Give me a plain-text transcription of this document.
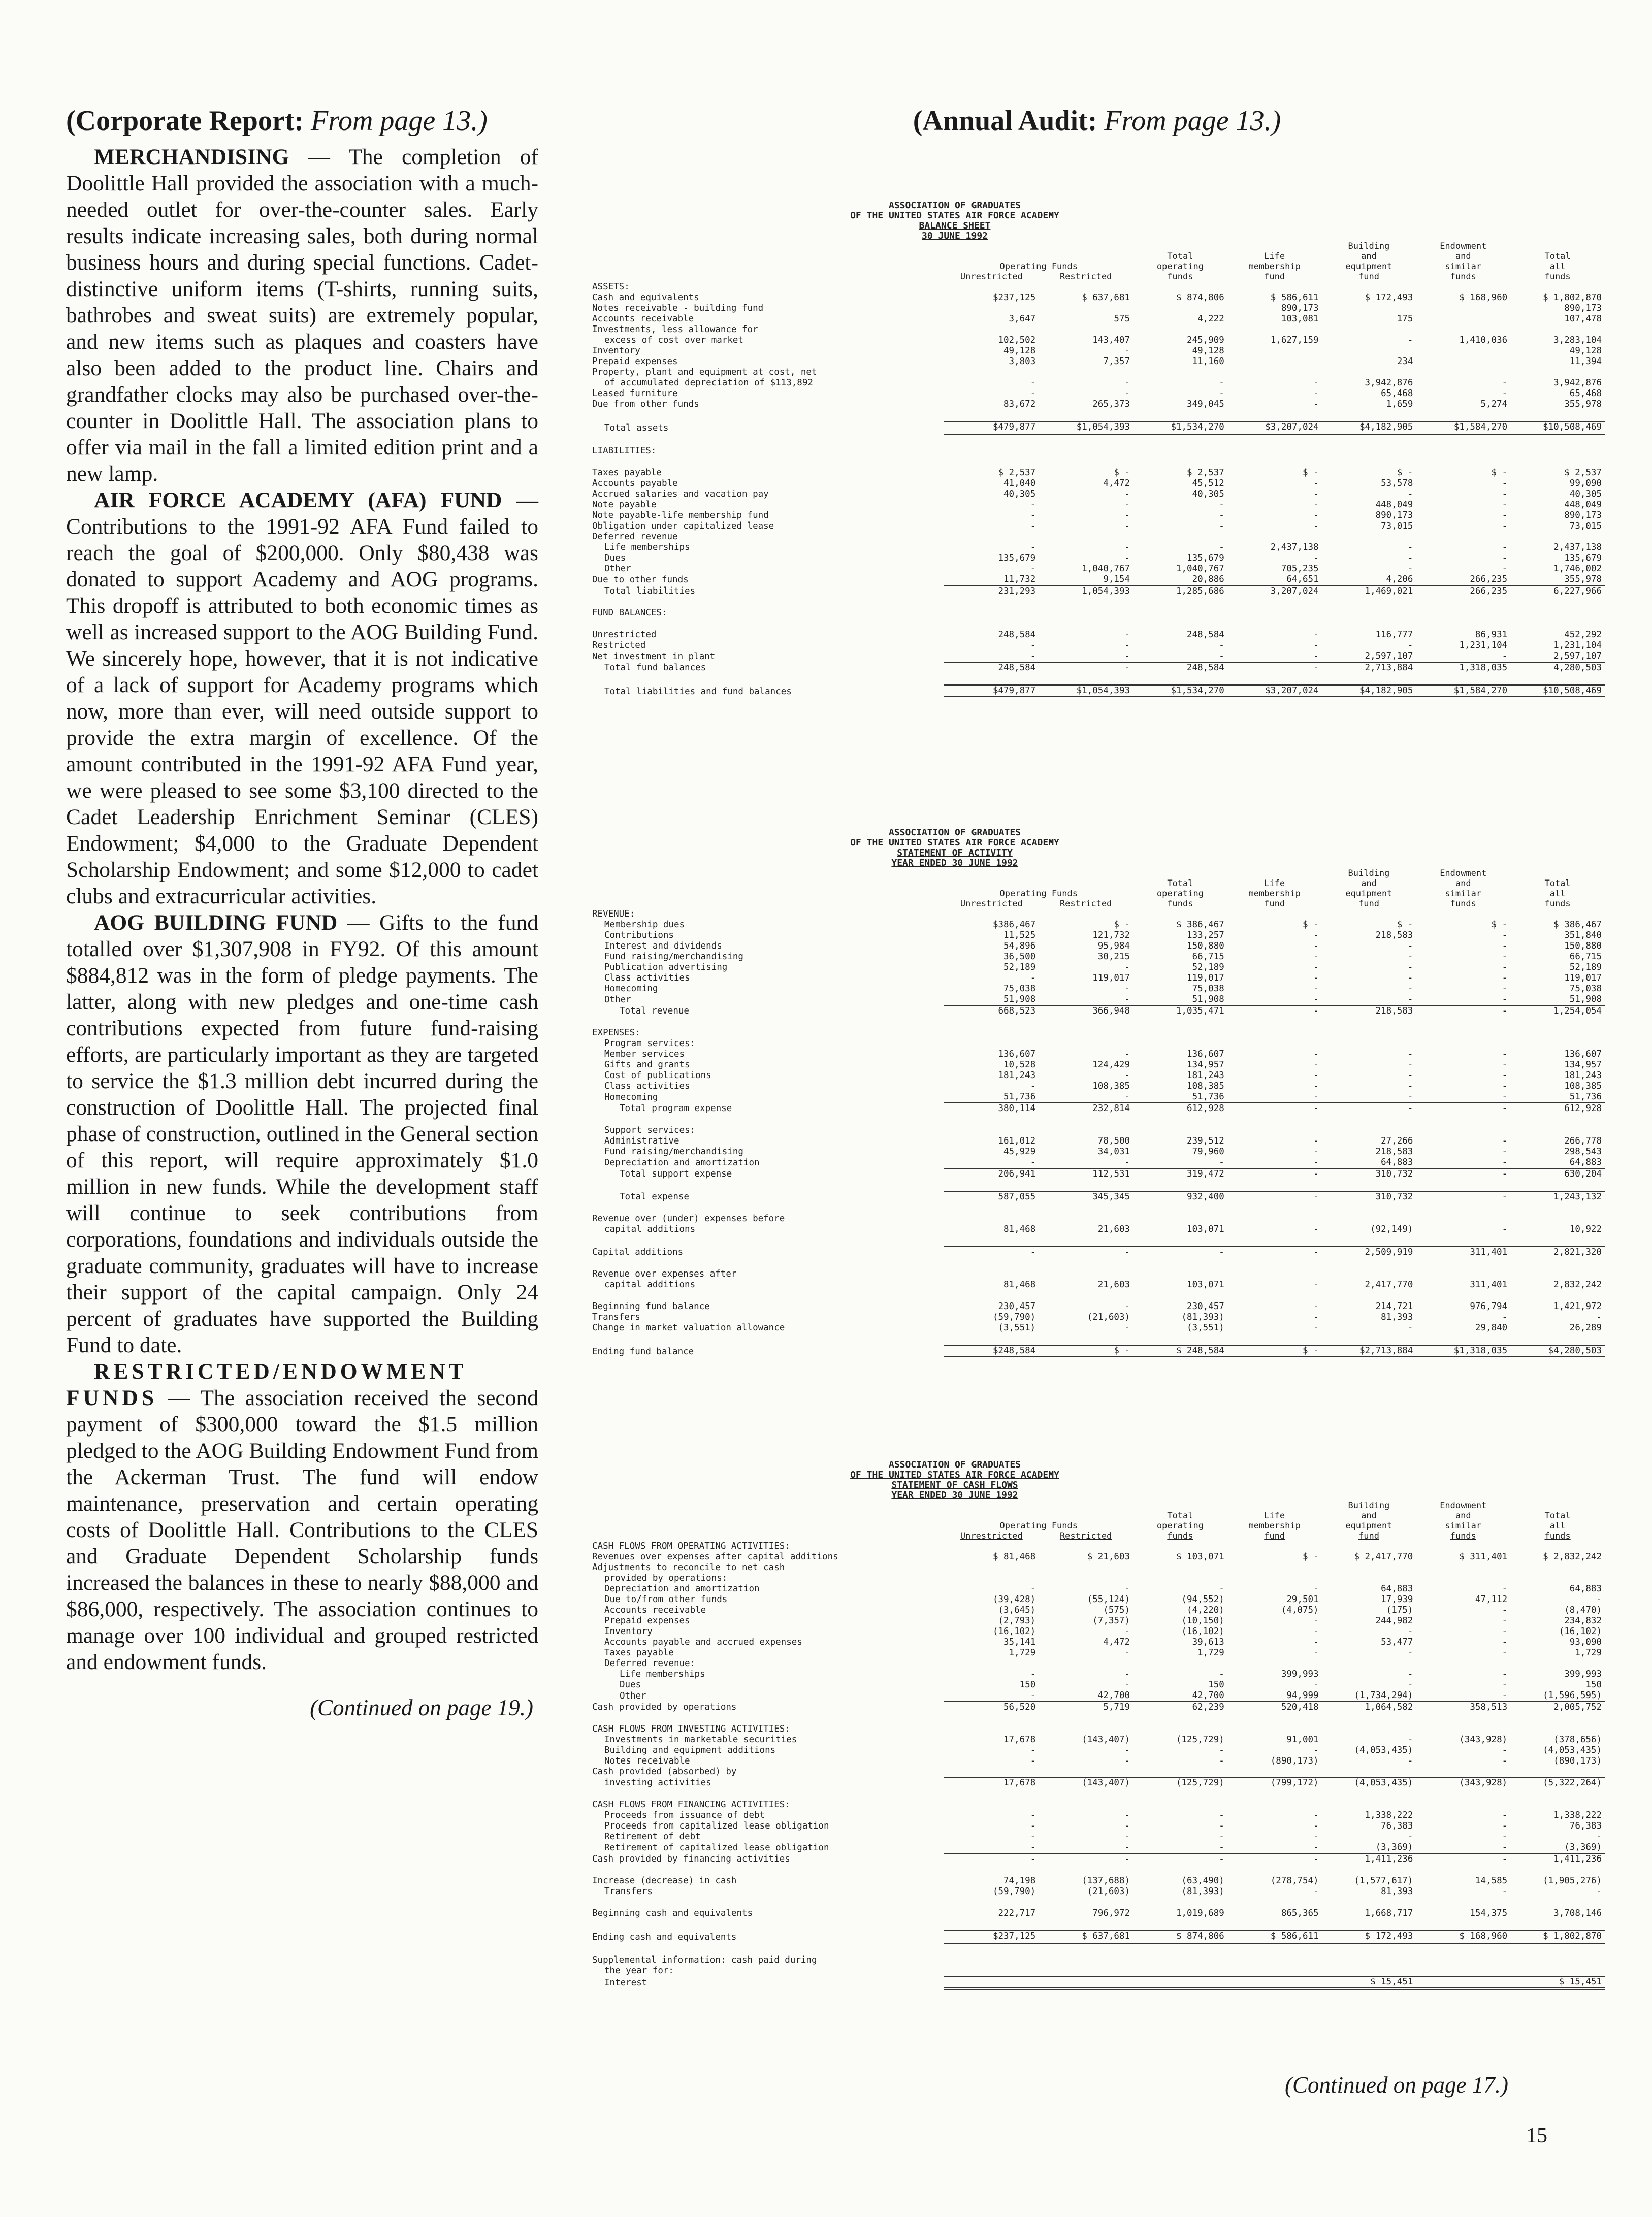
(Corporate Report: From page 13.)

MERCHANDISING — The completion of Doolittle Hall provided the association with a much-needed outlet for over-the-counter sales. Early results indicate increasing sales, both during normal business hours and during special functions. Cadet-distinctive uniform items (T-shirts, running suits, bathrobes and sweat suits) are extremely popular, and new items such as plaques and coasters have also been added to the product line. Chairs and grandfather clocks may also be purchased over-the-counter in Doolittle Hall. The association plans to offer via mail in the fall a limited edition print and a new lamp.

AIR FORCE ACADEMY (AFA) FUND — Contributions to the 1991-92 AFA Fund failed to reach the goal of $200,000. Only $80,438 was donated to support Academy and AOG programs. This dropoff is attributed to both economic times as well as increased support to the AOG Building Fund. We sincerely hope, however, that it is not indicative of a lack of support for Academy programs which now, more than ever, will need outside support to provide the extra margin of excellence. Of the amount contributed in the 1991-92 AFA Fund year, we were pleased to see some $3,100 directed to the Cadet Leadership Enrichment Seminar (CLES) Endowment; $4,000 to the Graduate Dependent Scholarship Endowment; and some $12,000 to cadet clubs and extracurricular activities.

AOG BUILDING FUND — Gifts to the fund totalled over $1,307,908 in FY92. Of this amount $884,812 was in the form of pledge payments. The latter, along with new pledges and one-time cash contributions expected from future fund-raising efforts, are particularly important as they are targeted to service the $1.3 million debt incurred during the construction of Doolittle Hall. The projected final phase of construction, outlined in the General section of this report, will require approximately $1.0 million in new funds. While the development staff will continue to seek contributions from corporations, foundations and individuals outside the graduate community, graduates will have to increase their support of the capital campaign. Only 24 percent of graduates have supported the Building Fund to date.

RESTRICTED/ENDOWMENT FUNDS — The association received the second payment of $300,000 toward the $1.5 million pledged to the AOG Building Endowment Fund from the Ackerman Trust. The fund will endow maintenance, preservation and certain operating costs of Doolittle Hall. Contributions to the CLES and Graduate Dependent Scholarship funds increased the balances in these to nearly $88,000 and $86,000, respectively. The association continues to manage over 100 individual and grouped restricted and endowment funds.

(Continued on page 19.)
(Annual Audit: From page 13.)
ASSOCIATION OF GRADUATES
OF THE UNITED STATES AIR FORCE ACADEMY
BALANCE SHEET
30 JUNE 1992
					Building	Endowment	
			Total	Life	and	and	Total
	Operating Funds		operating	membership	equipment	similar	all
	Unrestricted	Restricted	funds	fund	fund	funds	funds
ASSETS:							
Cash and equivalents	$237,125	$ 637,681	$ 874,806	$ 586,611	$ 172,493	$ 168,960	$ 1,802,870
Notes receivable - building fund				890,173			890,173
Accounts receivable	3,647	575	4,222	103,081	175		107,478
Investments, less allowance for							
excess of cost over market	102,502	143,407	245,909	1,627,159	-	1,410,036	3,283,104
Inventory	49,128	-	49,128				49,128
Prepaid expenses	3,803	7,357	11,160		234		11,394
Property, plant and equipment at cost, net							
of accumulated depreciation of $113,892	-	-	-	-	3,942,876	-	3,942,876
Leased furniture	-	-	-	-	65,468	-	65,468
Due from other funds	83,672	265,373	349,045	-	1,659	5,274	355,978

Total assets	$479,877	$1,054,393	$1,534,270	$3,207,024	$4,182,905	$1,584,270	$10,508,469

LIABILITIES:							

Taxes payable	$ 2,537	$ -	$ 2,537	$ -	$ -	$ -	$ 2,537
Accounts payable	41,040	4,472	45,512	-	53,578	-	99,090
Accrued salaries and vacation pay	40,305	-	40,305	-	-	-	40,305
Note payable	-	-	-	-	448,049	-	448,049
Note payable-life membership fund	-	-	-	-	890,173	-	890,173
Obligation under capitalized lease	-	-	-	-	73,015	-	73,015
Deferred revenue							
Life memberships	-	-	-	2,437,138	-	-	2,437,138
Dues	135,679	-	135,679	-	-	-	135,679
Other	-	1,040,767	1,040,767	705,235	-	-	1,746,002
Due to other funds	11,732	9,154	20,886	64,651	4,206	266,235	355,978
Total liabilities	231,293	1,054,393	1,285,686	3,207,024	1,469,021	266,235	6,227,966

FUND BALANCES:							

Unrestricted	248,584	-	248,584	-	116,777	86,931	452,292
Restricted	-	-	-	-	-	1,231,104	1,231,104
Net investment in plant	-	-	-	-	2,597,107	-	2,597,107
Total fund balances	248,584	-	248,584	-	2,713,884	1,318,035	4,280,503

Total liabilities and fund balances	$479,877	$1,054,393	$1,534,270	$3,207,024	$4,182,905	$1,584,270	$10,508,469
ASSOCIATION OF GRADUATES
OF THE UNITED STATES AIR FORCE ACADEMY
STATEMENT OF ACTIVITY
YEAR ENDED 30 JUNE 1992
					Building	Endowment	
			Total	Life	and	and	Total
	Operating Funds		operating	membership	equipment	similar	all
	Unrestricted	Restricted	funds	fund	fund	funds	funds
REVENUE:							
Membership dues	$386,467	$ -	$ 386,467	$ -	$ -	$ -	$ 386,467
Contributions	11,525	121,732	133,257	-	218,583	-	351,840
Interest and dividends	54,896	95,984	150,880	-	-	-	150,880
Fund raising/merchandising	36,500	30,215	66,715	-	-	-	66,715
Publication advertising	52,189	-	52,189	-	-	-	52,189
Class activities	-	119,017	119,017	-	-	-	119,017
Homecoming	75,038	-	75,038	-	-	-	75,038
Other	51,908	-	51,908	-	-	-	51,908
Total revenue	668,523	366,948	1,035,471	-	218,583	-	1,254,054

EXPENSES:							
Program services:							
Member services	136,607	-	136,607	-	-	-	136,607
Gifts and grants	10,528	124,429	134,957	-	-	-	134,957
Cost of publications	181,243	-	181,243	-	-	-	181,243
Class activities	-	108,385	108,385	-	-	-	108,385
Homecoming	51,736	-	51,736	-	-	-	51,736
Total program expense	380,114	232,814	612,928	-	-	-	612,928

Support services:							
Administrative	161,012	78,500	239,512	-	27,266	-	266,778
Fund raising/merchandising	45,929	34,031	79,960	-	218,583	-	298,543
Depreciation and amortization	-	-	-	-	64,883	-	64,883
Total support expense	206,941	112,531	319,472	-	310,732	-	630,204

Total expense	587,055	345,345	932,400	-	310,732	-	1,243,132

Revenue over (under) expenses before							
capital additions	81,468	21,603	103,071	-	(92,149)	-	10,922

Capital additions	-	-	-	-	2,509,919	311,401	2,821,320

Revenue over expenses after							
capital additions	81,468	21,603	103,071	-	2,417,770	311,401	2,832,242

Beginning fund balance	230,457	-	230,457	-	214,721	976,794	1,421,972
Transfers	(59,790)	(21,603)	(81,393)	-	81,393	-	-
Change in market valuation allowance	(3,551)	-	(3,551)	-	-	29,840	26,289

Ending fund balance	$248,584	$ -	$ 248,584	$ -	$2,713,884	$1,318,035	$4,280,503
ASSOCIATION OF GRADUATES
OF THE UNITED STATES AIR FORCE ACADEMY
STATEMENT OF CASH FLOWS
YEAR ENDED 30 JUNE 1992
					Building	Endowment	
			Total	Life	and	and	Total
	Operating Funds		operating	membership	equipment	similar	all
	Unrestricted	Restricted	funds	fund	fund	funds	funds
CASH FLOWS FROM OPERATING ACTIVITIES:							
Revenues over expenses after capital additions	$ 81,468	$ 21,603	$ 103,071	$ -	$ 2,417,770	$ 311,401	$ 2,832,242
Adjustments to reconcile to net cash							
provided by operations:							
Depreciation and amortization	-	-	-	-	64,883	-	64,883
Due to/from other funds	(39,428)	(55,124)	(94,552)	29,501	17,939	47,112	-
Accounts receivable	(3,645)	(575)	(4,220)	(4,075)	(175)	-	(8,470)
Prepaid expenses	(2,793)	(7,357)	(10,150)	-	244,982	-	234,832
Inventory	(16,102)	-	(16,102)	-	-	-	(16,102)
Accounts payable and accrued expenses	35,141	4,472	39,613	-	53,477	-	93,090
Taxes payable	1,729	-	1,729	-	-	-	1,729
Deferred revenue:							
Life memberships	-	-	-	399,993	-	-	399,993
Dues	150	-	150	-	-	-	150
Other	-	42,700	42,700	94,999	(1,734,294)	-	(1,596,595)
Cash provided by operations	56,520	5,719	62,239	520,418	1,064,582	358,513	2,005,752

CASH FLOWS FROM INVESTING ACTIVITIES:							
Investments in marketable securities	17,678	(143,407)	(125,729)	91,001	-	(343,928)	(378,656)
Building and equipment additions	-	-	-	-	(4,053,435)	-	(4,053,435)
Notes receivable	-	-	-	(890,173)	-	-	(890,173)
Cash provided (absorbed) by							
investing activities	17,678	(143,407)	(125,729)	(799,172)	(4,053,435)	(343,928)	(5,322,264)

CASH FLOWS FROM FINANCING ACTIVITIES:							
Proceeds from issuance of debt	-	-	-	-	1,338,222	-	1,338,222
Proceeds from capitalized lease obligation	-	-	-	-	76,383	-	76,383
Retirement of debt	-	-	-	-	-	-	-
Retirement of capitalized lease obligation	-	-	-	-	(3,369)	-	(3,369)
Cash provided by financing activities	-	-	-	-	1,411,236	-	1,411,236

Increase (decrease) in cash	74,198	(137,688)	(63,490)	(278,754)	(1,577,617)	14,585	(1,905,276)
Transfers	(59,790)	(21,603)	(81,393)	-	81,393	-	-

Beginning cash and equivalents	222,717	796,972	1,019,689	865,365	1,668,717	154,375	3,708,146

Ending cash and equivalents	$237,125	$ 637,681	$ 874,806	$ 586,611	$ 172,493	$ 168,960	$ 1,802,870

Supplemental information: cash paid during							
the year for:							
Interest					$ 15,451		$ 15,451
(Continued on page 17.)
15
